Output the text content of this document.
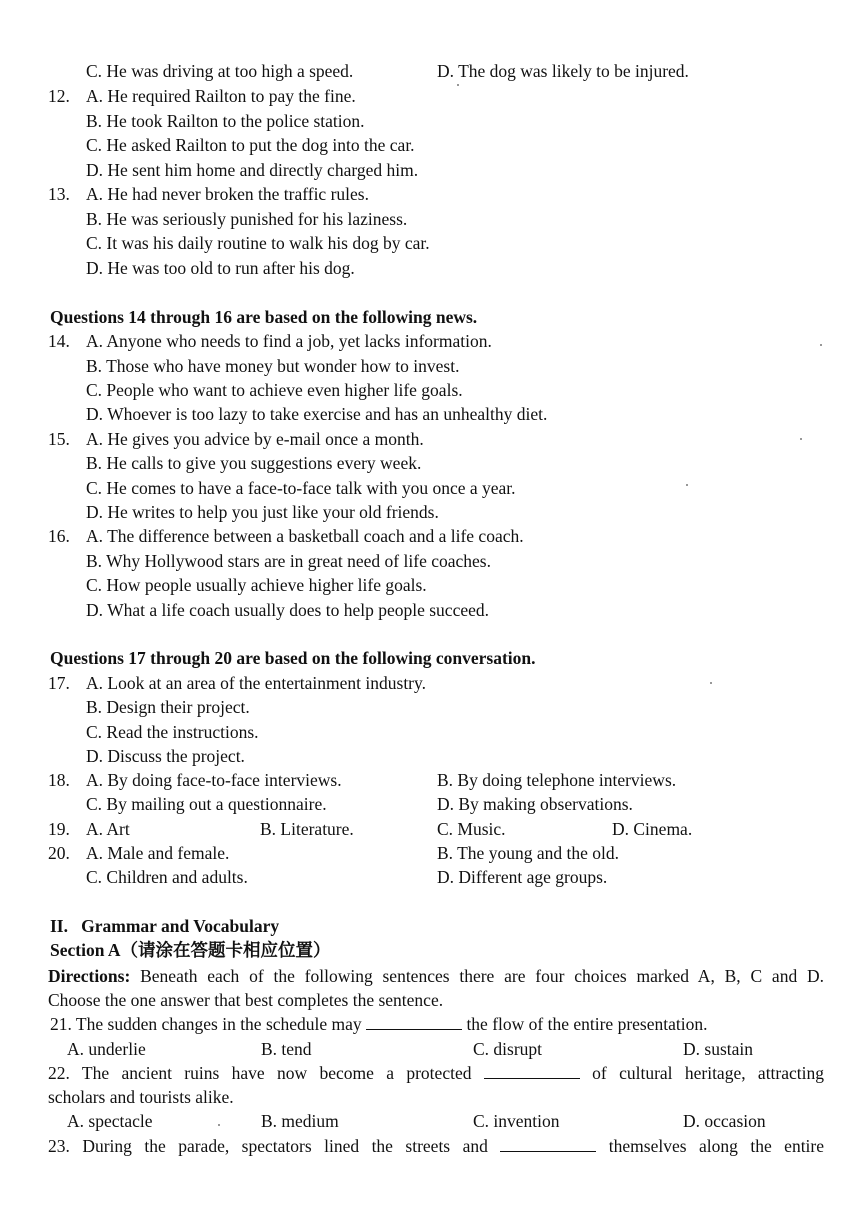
C. He was driving at too high a speed.	D. The dog was likely to be injured.
12. A. He required Railton to pay the fine.
B. He took Railton to the police station.
C. He asked Railton to put the dog into the car.
D. He sent him home and directly charged him.
13. A. He had never broken the traffic rules.
B. He was seriously punished for his laziness.
C. It was his daily routine to walk his dog by car.
D. He was too old to run after his dog.
Questions 14 through 16 are based on the following news.
14. A. Anyone who needs to find a job, yet lacks information.
B. Those who have money but wonder how to invest.
C. People who want to achieve even higher life goals.
D. Whoever is too lazy to take exercise and has an unhealthy diet.
15. A. He gives you advice by e-mail once a month.
B. He calls to give you suggestions every week.
C. He comes to have a face-to-face talk with you once a year.
D. He writes to help you just like your old friends.
16. A. The difference between a basketball coach and a life coach.
B. Why Hollywood stars are in great need of life coaches.
C. How people usually achieve higher life goals.
D. What a life coach usually does to help people succeed.
Questions 17 through 20 are based on the following conversation.
17. A. Look at an area of the entertainment industry.
B. Design their project.
C. Read the instructions.
D. Discuss the project.
18. A. By doing face-to-face interviews.	B. By doing telephone interviews.
C. By mailing out a questionnaire.	D. By making observations.
19. A. Art	B. Literature.	C. Music.	D. Cinema.
20. A. Male and female.	B. The young and the old.
C. Children and adults.	D. Different age groups.
II.   Grammar and Vocabulary
Section A（请涂在答题卡相应位置）
Directions: Beneath each of the following sentences there are four choices marked A, B, C and D.
Choose the one answer that best completes the sentence.
21. The sudden changes in the schedule may	the flow of the entire presentation.
A. underlie	B. tend	C. disrupt	D. sustain
22. The ancient ruins have now become a protected	of cultural heritage, attracting
scholars and tourists alike.
A. spectacle	B. medium	C. invention	D. occasion
23. During the parade, spectators lined the streets and	themselves along the entire
